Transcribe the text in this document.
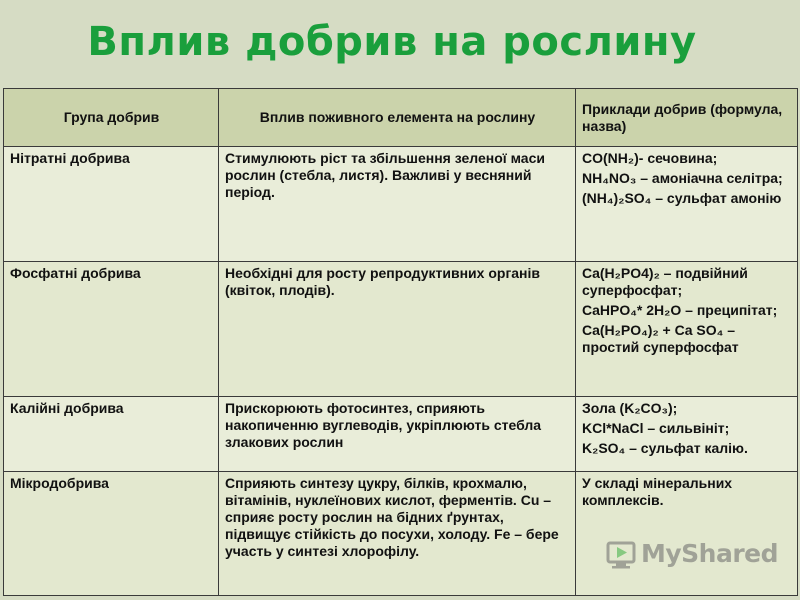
Вплив добрив на рослину
Група добрив	Вплив поживного елемента на рослину	Приклади добрив (формула, назва)
Нітратні добрива	Стимулюють ріст та збільшення зеленої маси рослин (стебла, листя). Важливі у весняний період.	CO(NH₂)- сечовина;
NH₄NO₃ – амоніачна селітра;
(NH₄)₂SO₄ – сульфат амонію

Фосфатні добрива	Необхідні для росту репродуктивних органів (квіток, плодів).	Ca(H₂PO4)₂ – подвійний суперфосфат;
CaHPO₄* 2H₂O – преципітат;
Ca(H₂PO₄)₂ + Ca SO₄ – простий суперфосфат

Калійні добрива	Прискорюють фотосинтез, сприяють накопиченню вуглеводів, укріплюють стебла злакових рослин	Зола (K₂CO₃);
KCl*NaCl – сильвініт;
K₂SO₄ – сульфат калію.

Мікродобрива	Сприяють синтезу цукру, білків, крохмалю, вітамінів, нуклеїнових кислот, ферментів. Cu – сприяє росту рослин на бідних ґрунтах, підвищує стійкість до посухи, холоду. Fe – бере участь у синтезі хлорофілу.	У складі мінеральних комплексів.
MyShared
